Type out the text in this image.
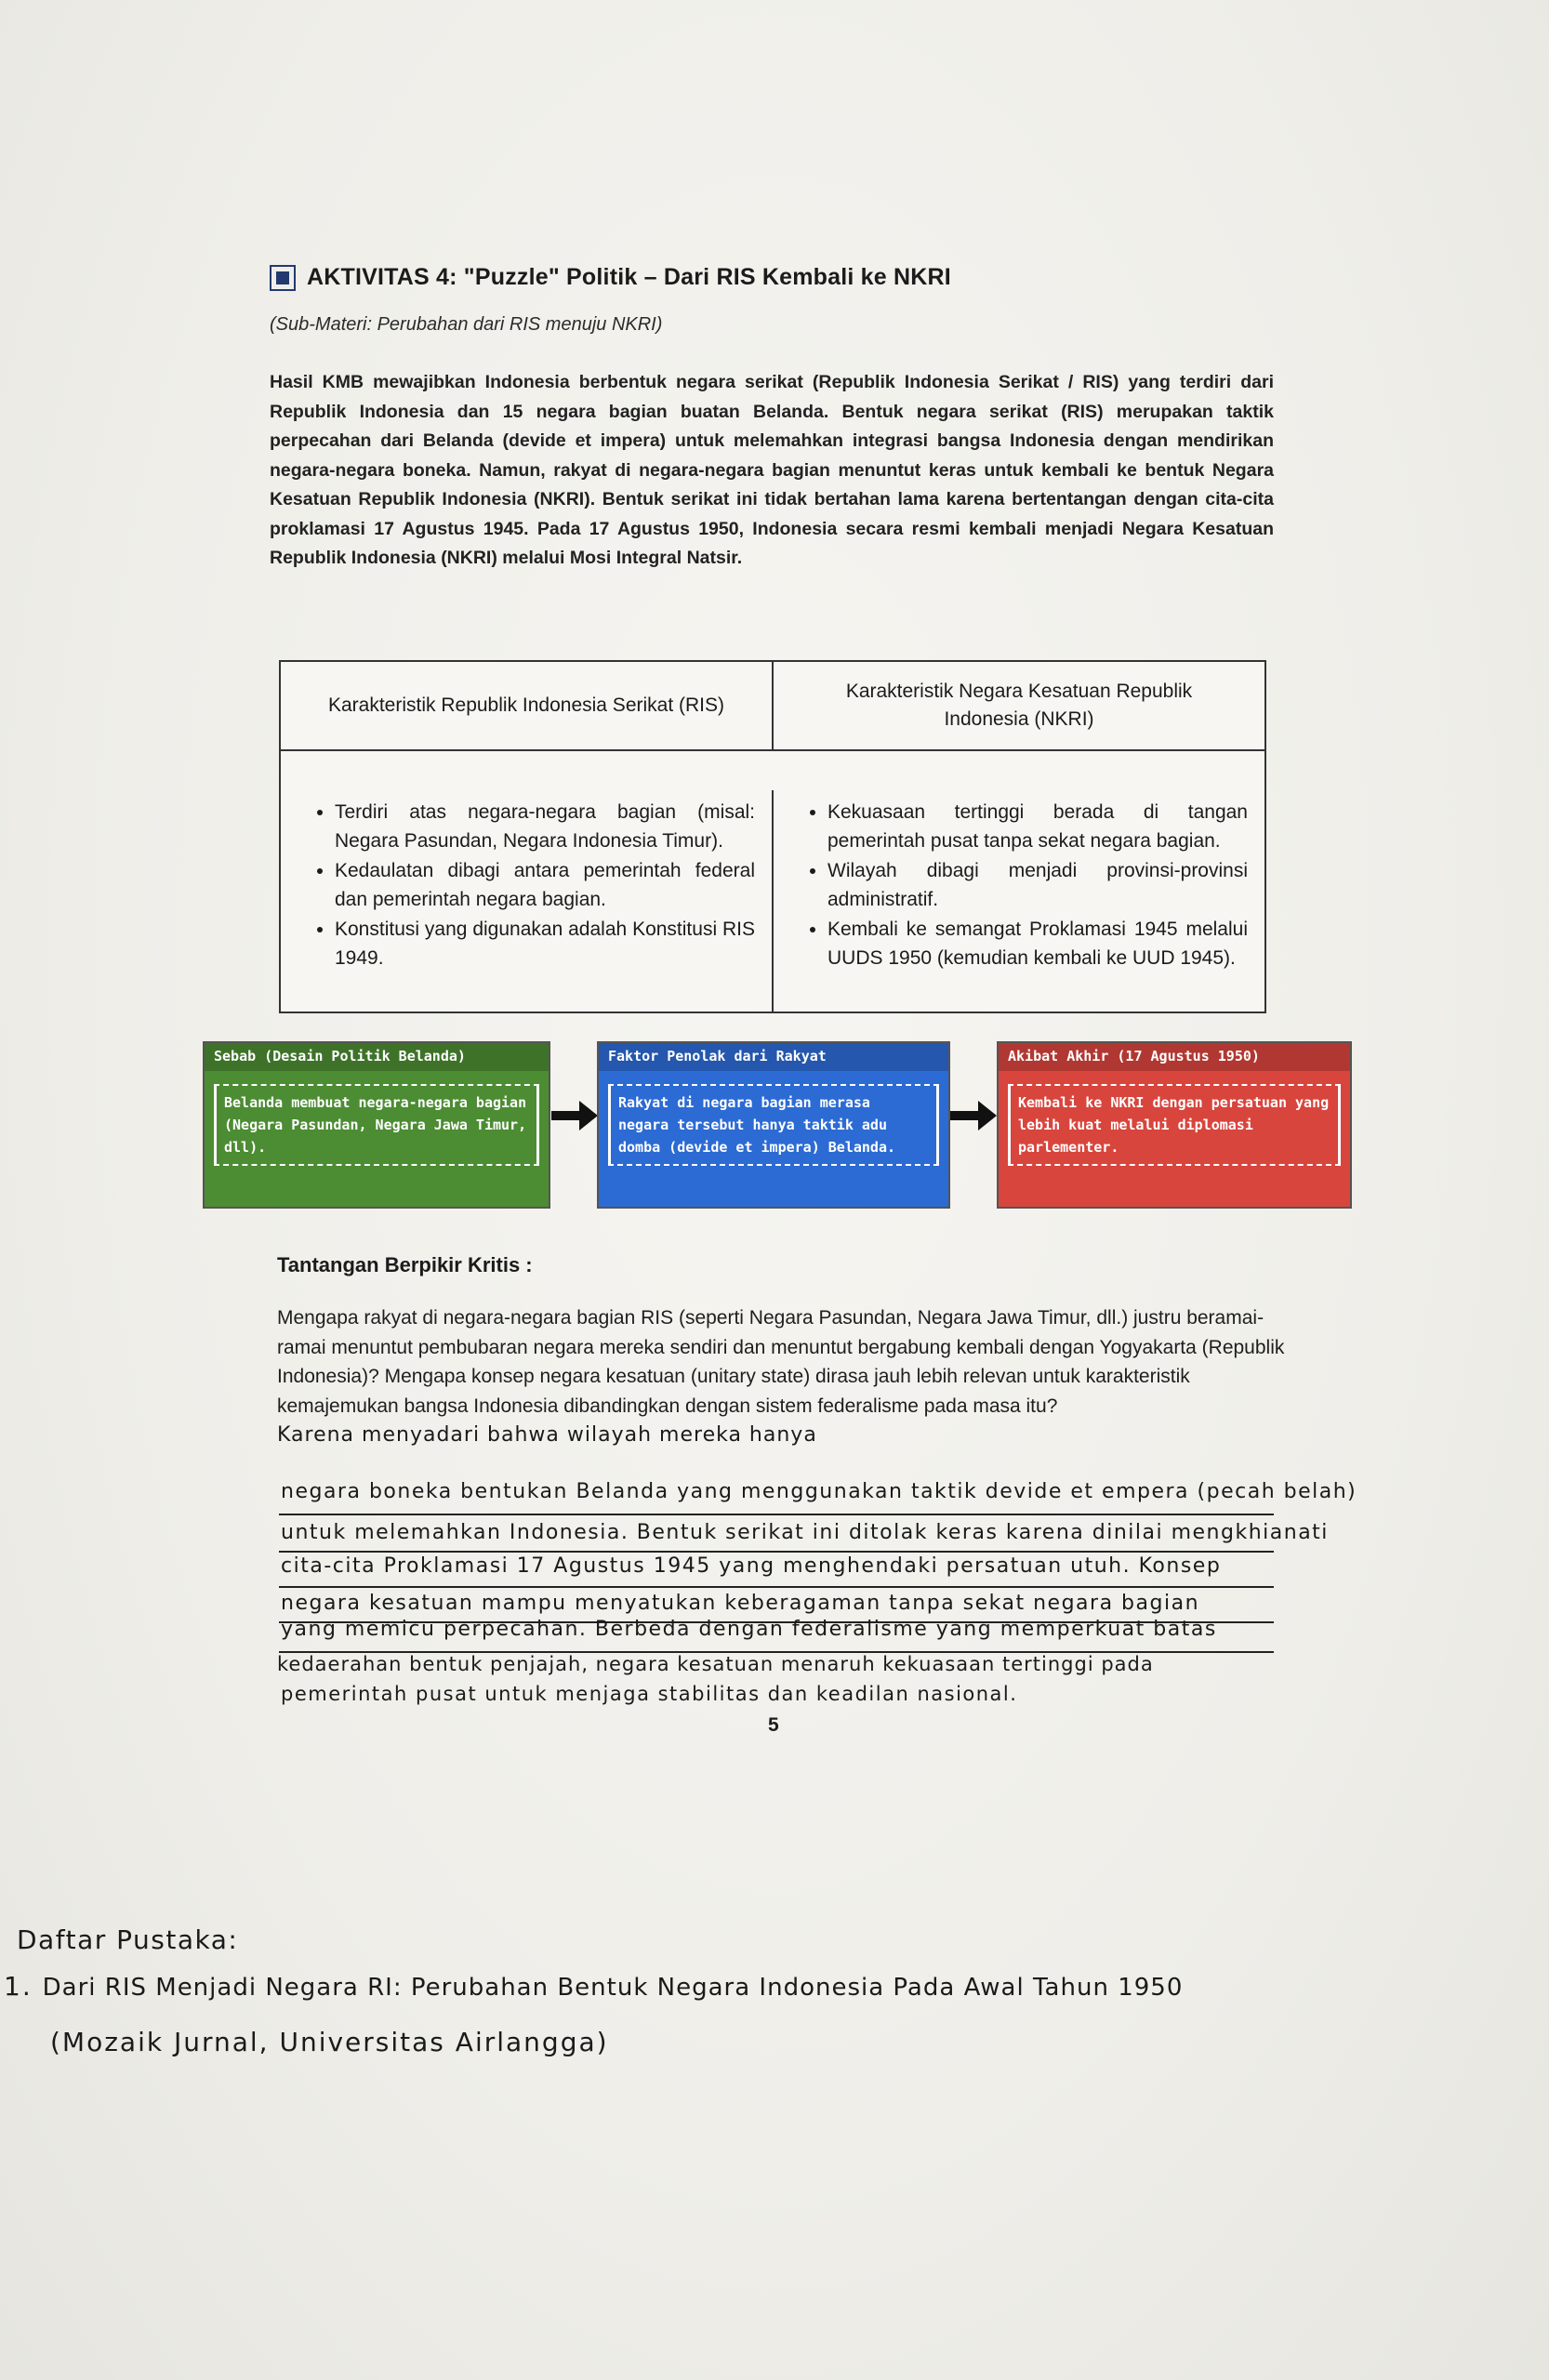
AKTIVITAS 4: "Puzzle" Politik – Dari RIS Kembali ke NKRI
(Sub-Materi: Perubahan dari RIS menuju NKRI)
Hasil KMB mewajibkan Indonesia berbentuk negara serikat (Republik Indonesia Serikat / RIS) yang terdiri dari Republik Indonesia dan 15 negara bagian buatan Belanda. Bentuk negara serikat (RIS) merupakan taktik perpecahan dari Belanda (devide et impera) untuk melemahkan integrasi bangsa Indonesia dengan mendirikan negara-negara boneka. Namun, rakyat di negara-negara bagian menuntut keras untuk kembali ke bentuk Negara Kesatuan Republik Indonesia (NKRI). Bentuk serikat ini tidak bertahan lama karena bertentangan dengan cita-cita proklamasi 17 Agustus 1945. Pada 17 Agustus 1950, Indonesia secara resmi kembali menjadi Negara Kesatuan Republik Indonesia (NKRI) melalui Mosi Integral Natsir.
Karakteristik Republik Indonesia Serikat (RIS)
Karakteristik Negara Kesatuan Republik Indonesia (NKRI)
• Terdiri atas negara-negara bagian (misal: Negara Pasundan, Negara Indonesia Timur).
• Kedaulatan dibagi antara pemerintah federal dan pemerintah negara bagian.
• Konstitusi yang digunakan adalah Konstitusi RIS 1949.
• Kekuasaan tertinggi berada di tangan pemerintah pusat tanpa sekat negara bagian.
• Wilayah dibagi menjadi provinsi-provinsi administratif.
• Kembali ke semangat Proklamasi 1945 melalui UUDS 1950 (kemudian kembali ke UUD 1945).
Sebab (Desain Politik Belanda)
Belanda membuat negara-negara bagian (Negara Pasundan, Negara Jawa Timur, dll).
Faktor Penolak dari Rakyat
Rakyat di negara bagian merasa negara tersebut hanya taktik adu domba (devide et impera) Belanda.
Akibat Akhir (17 Agustus 1950)
Kembali ke NKRI dengan persatuan yang lebih kuat melalui diplomasi parlementer.
Tantangan Berpikir Kritis :
Mengapa rakyat di negara-negara bagian RIS (seperti Negara Pasundan, Negara Jawa Timur, dll.) justru beramai-ramai menuntut pembubaran negara mereka sendiri dan menuntut bergabung kembali dengan Yogyakarta (Republik Indonesia)? Mengapa konsep negara kesatuan (unitary state) dirasa jauh lebih relevan untuk karakteristik kemajemukan bangsa Indonesia dibandingkan dengan sistem federalisme pada masa itu? Karena menyadari bahwa wilayah mereka hanya
negara boneka bentukan Belanda yang menggunakan taktik devide et empera (pecah belah)
untuk melemahkan Indonesia. Bentuk serikat ini ditolak keras karena dinilai mengkhianati
cita-cita Proklamasi 17 Agustus 1945 yang menghendaki persatuan utuh. Konsep
negara kesatuan mampu menyatukan keberagaman tanpa sekat negara bagian
yang memicu perpecahan. Berbeda dengan federalisme yang memperkuat batas
kedaerahan bentuk penjajah, negara kesatuan menaruh kekuasaan tertinggi pada
pemerintah pusat untuk menjaga stabilitas dan keadilan nasional.
5
Daftar Pustaka:
1. Dari RIS Menjadi Negara RI: Perubahan Bentuk Negara Indonesia Pada Awal Tahun 1950
(Mozaik Jurnal, Universitas Airlangga)
